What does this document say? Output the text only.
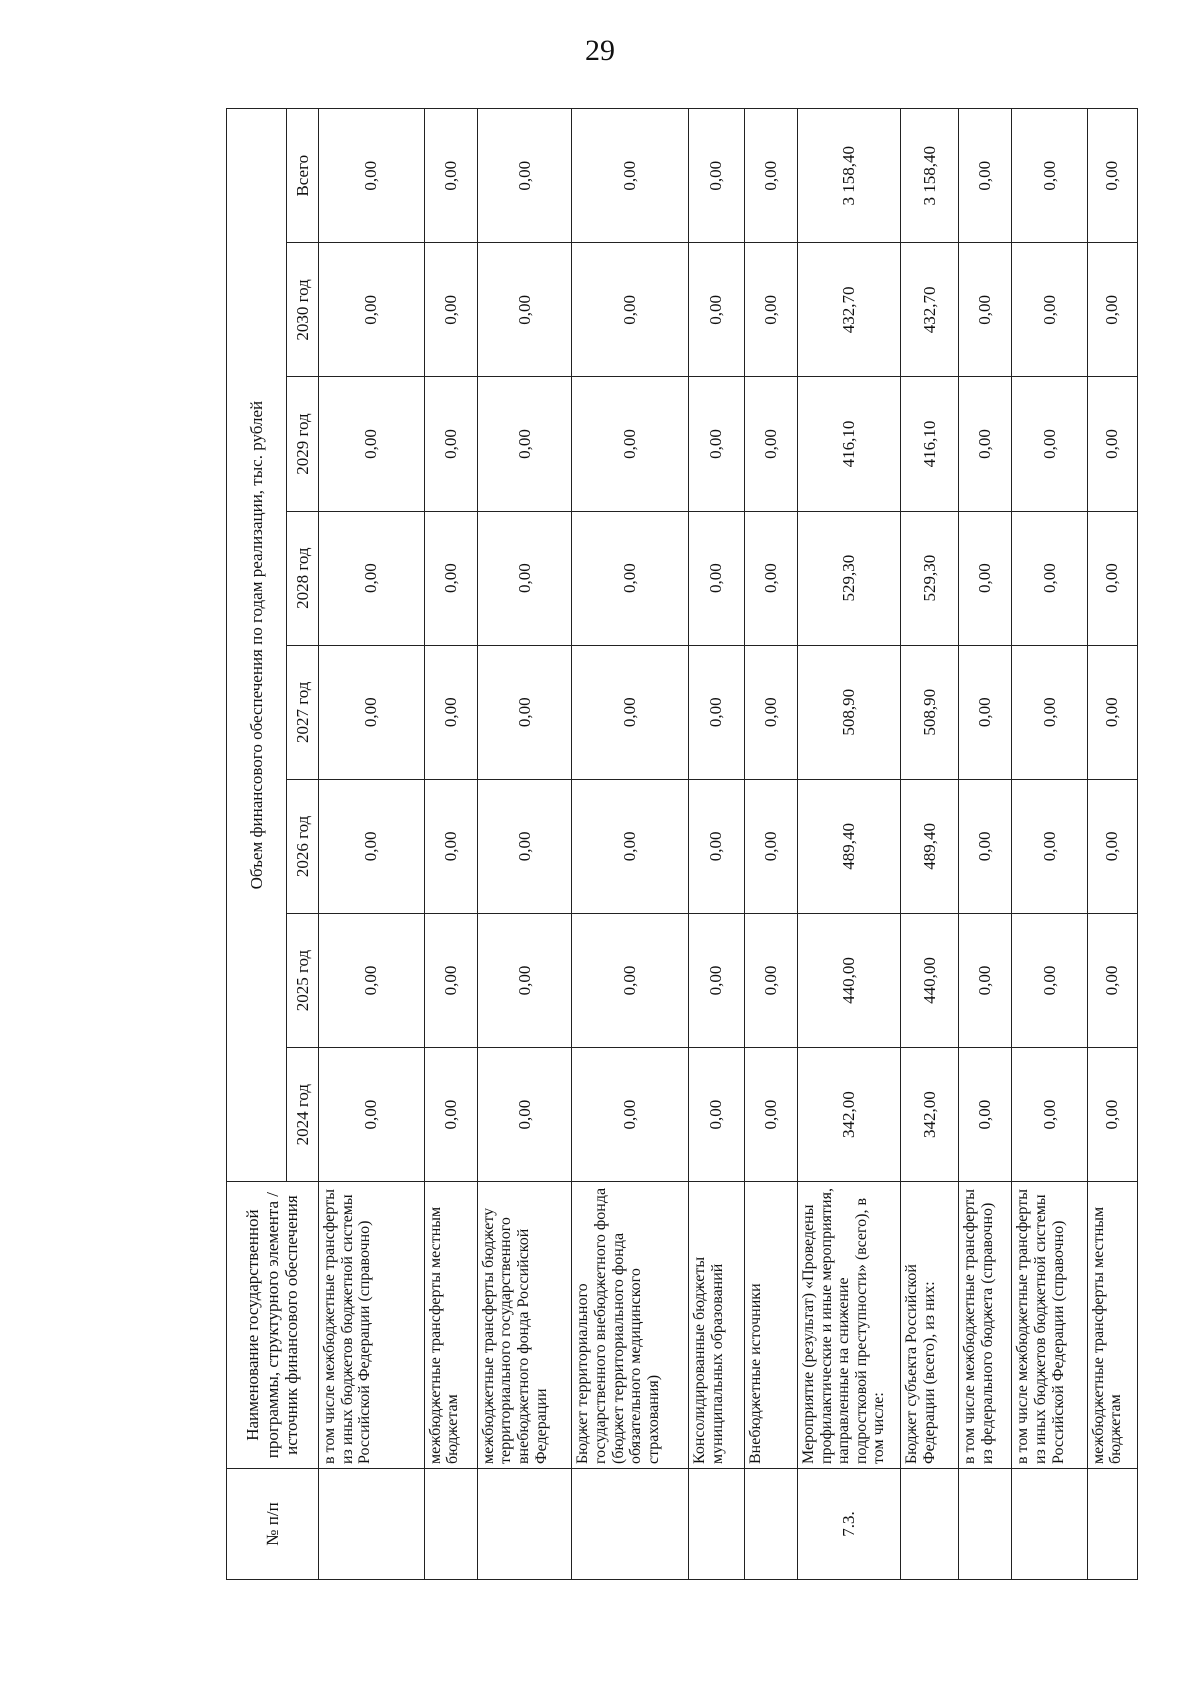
29
№ п/п	Наименование государственной программы, структурного элемента / источник финансового обеспечения	Объем финансового обеспечения по годам реализации, тыс. рублей							
		2024 год	2025 год	2026 год	2027 год	2028 год	2029 год	2030 год	Всего
	в том числе межбюджетные трансферты из иных бюджетов бюджетной системы Российской Федерации (справочно)	0,00	0,00	0,00	0,00	0,00	0,00	0,00	0,00
	межбюджетные трансферты местным бюджетам	0,00	0,00	0,00	0,00	0,00	0,00	0,00	0,00
	межбюджетные трансферты бюджету территориального государственного внебюджетного фонда Российской Федерации	0,00	0,00	0,00	0,00	0,00	0,00	0,00	0,00
	Бюджет территориального государственного внебюджетного фонда (бюджет территориального фонда обязательного медицинского страхования)	0,00	0,00	0,00	0,00	0,00	0,00	0,00	0,00
	Консолидированные бюджеты муниципальных образований	0,00	0,00	0,00	0,00	0,00	0,00	0,00	0,00
	Внебюджетные источники	0,00	0,00	0,00	0,00	0,00	0,00	0,00	0,00
7.3.	Мероприятие (результат) «Проведены профилактические и иные мероприятия, направленные на снижение подростковой преступности» (всего), в том числе:	342,00	440,00	489,40	508,90	529,30	416,10	432,70	3 158,40
	Бюджет субъекта Российской Федерации (всего), из них:	342,00	440,00	489,40	508,90	529,30	416,10	432,70	3 158,40
	в том числе межбюджетные трансферты из федерального бюджета (справочно)	0,00	0,00	0,00	0,00	0,00	0,00	0,00	0,00
	в том числе межбюджетные трансферты из иных бюджетов бюджетной системы Российской Федерации (справочно)	0,00	0,00	0,00	0,00	0,00	0,00	0,00	0,00
	межбюджетные трансферты местным бюджетам	0,00	0,00	0,00	0,00	0,00	0,00	0,00	0,00
